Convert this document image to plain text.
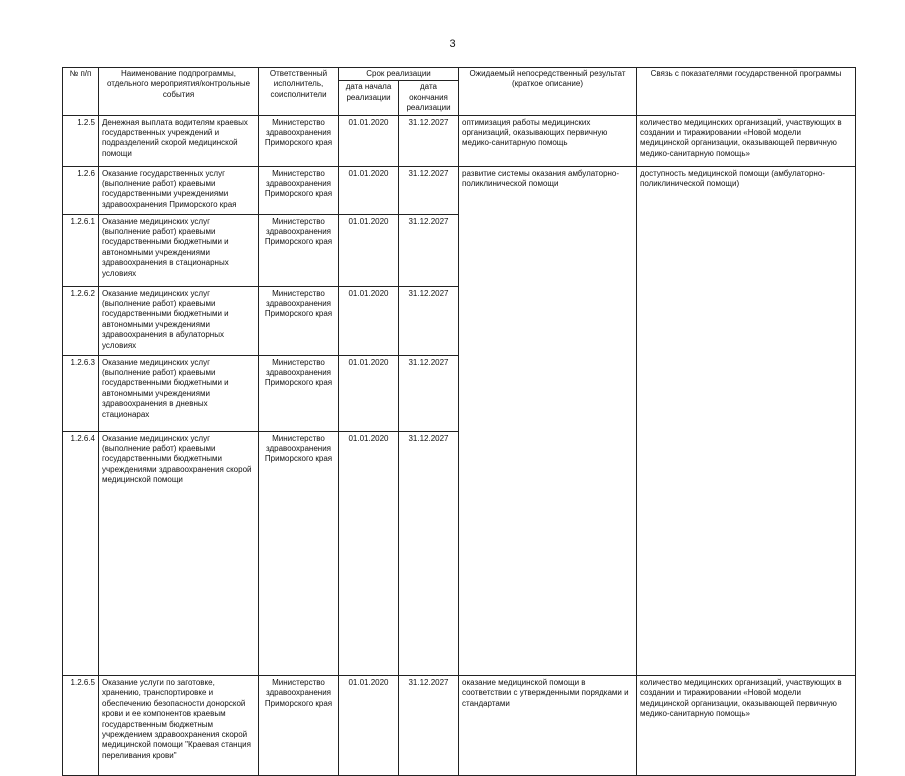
3
№ п/п	Наименование подпрограммы, отдельного мероприятия/контрольные события	Ответственный исполнитель, соисполнители	Срок реализации		Ожидаемый непосредственный результат (краткое описание)	Связь с показателями государственной программы	
			дата начала реализации	дата окончания реализации			
1.2.5	Денежная выплата водителям краевых государственных учреждений и подразделений скорой медицинской помощи	Министерство здравоохранения Приморского края	01.01.2020	31.12.2027	оптимизация работы медицинских организаций, оказывающих первичную медико-санитарную помощь	количество медицинских организаций, участвующих в создании и тиражировании «Новой модели медицинской организации, оказывающей первичную медико-санитарную помощь»	
1.2.6	Оказание государственных услуг (выполнение работ) краевыми государственными учреждениями здравоохранения Приморского края	Министерство здравоохранения Приморского края	01.01.2020	31.12.2027	развитие системы оказания амбулаторно-поликлинической помощи	доступность медицинской помощи (амбулаторно-поликлинической помощи)	
1.2.6.1	Оказание медицинских услуг (выполнение работ) краевыми государственными бюджетными и автономными учреждениями здравоохранения в стационарных условиях	Министерство здравоохранения Приморского края	01.01.2020	31.12.2027			
1.2.6.2	Оказание медицинских услуг (выполнение работ) краевыми государственными бюджетными и автономными учреждениями здравоохранения в абулаторных условиях	Министерство здравоохранения Приморского края	01.01.2020	31.12.2027			
1.2.6.3	Оказание медицинских услуг (выполнение работ) краевыми государственными бюджетными и автономными учреждениями здравоохранения в дневных стационарах	Министерство здравоохранения Приморского края	01.01.2020	31.12.2027			
1.2.6.4	Оказание медицинских услуг (выполнение работ) краевыми государственными бюджетными учреждениями здравоохранения скорой медицинской помощи	Министерство здравоохранения Приморского края	01.01.2020	31.12.2027		
1.2.6.5	Оказание услуги по заготовке, хранению, транспортировке и обеспечению безопасности донорской крови и ее компонентов краевым государственным бюджетным учреждением здравоохранения скорой медицинской помощи "Краевая станция переливания крови"	Министерство здравоохранения Приморского края	01.01.2020	31.12.2027	оказание медицинской помощи в соответствии с утвержденными порядками и стандартами	количество медицинских организаций, участвующих в создании и тиражировании «Новой модели медицинской организации, оказывающей первичную медико-санитарную помощь»	
